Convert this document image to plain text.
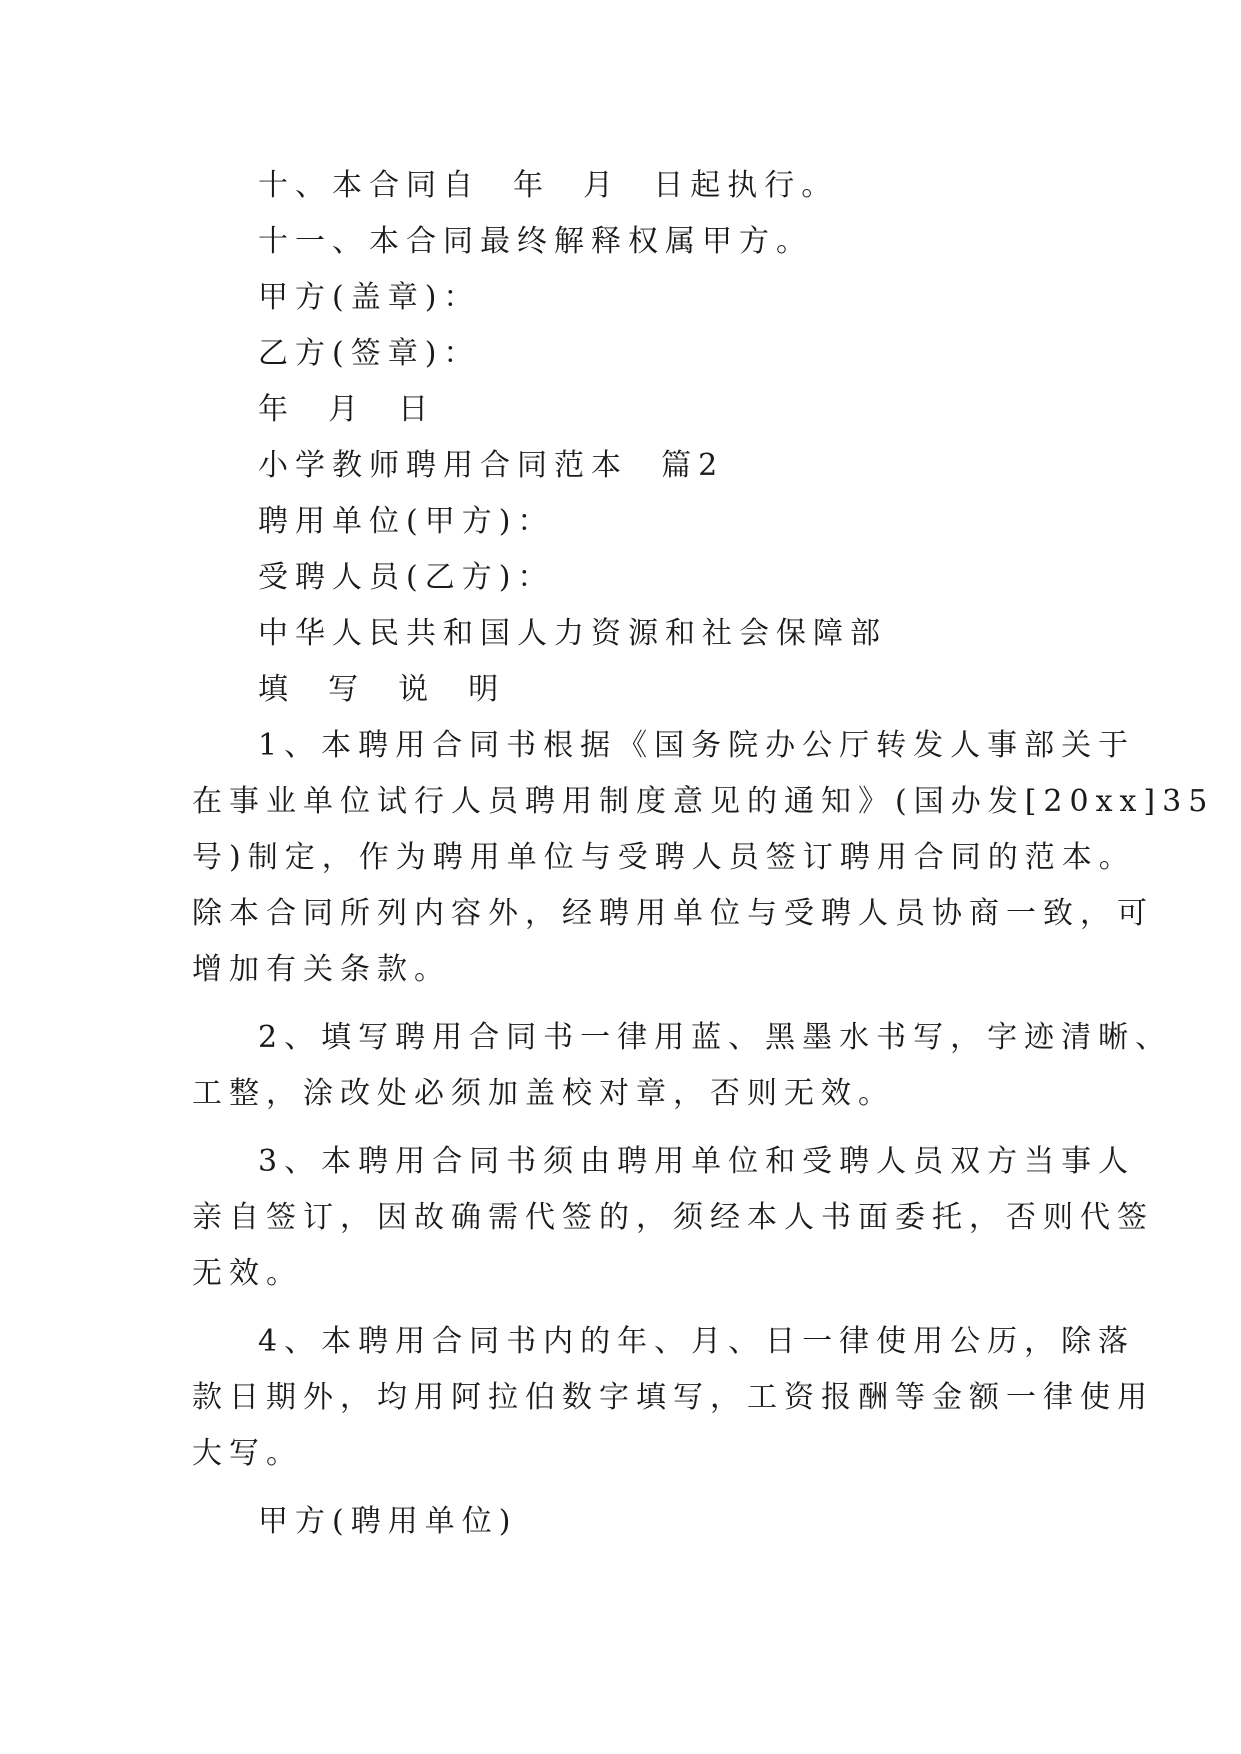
十、本合同自  年  月  日起执行。
十一、本合同最终解释权属甲方。
甲方(盖章)：
乙方(签章)：
年  月  日
小学教师聘用合同范本  篇2
聘用单位(甲方)：
受聘人员(乙方)：
中华人民共和国人力资源和社会保障部
填  写  说  明
1、本聘用合同书根据《国务院办公厅转发人事部关于
在事业单位试行人员聘用制度意见的通知》(国办发[20xx]35
号)制定，作为聘用单位与受聘人员签订聘用合同的范本。
除本合同所列内容外，经聘用单位与受聘人员协商一致，可
增加有关条款。
2、填写聘用合同书一律用蓝、黑墨水书写，字迹清晰、
工整，涂改处必须加盖校对章，否则无效。
3、本聘用合同书须由聘用单位和受聘人员双方当事人
亲自签订，因故确需代签的，须经本人书面委托，否则代签
无效。
4、本聘用合同书内的年、月、日一律使用公历，除落
款日期外，均用阿拉伯数字填写，工资报酬等金额一律使用
大写。
甲方(聘用单位)
